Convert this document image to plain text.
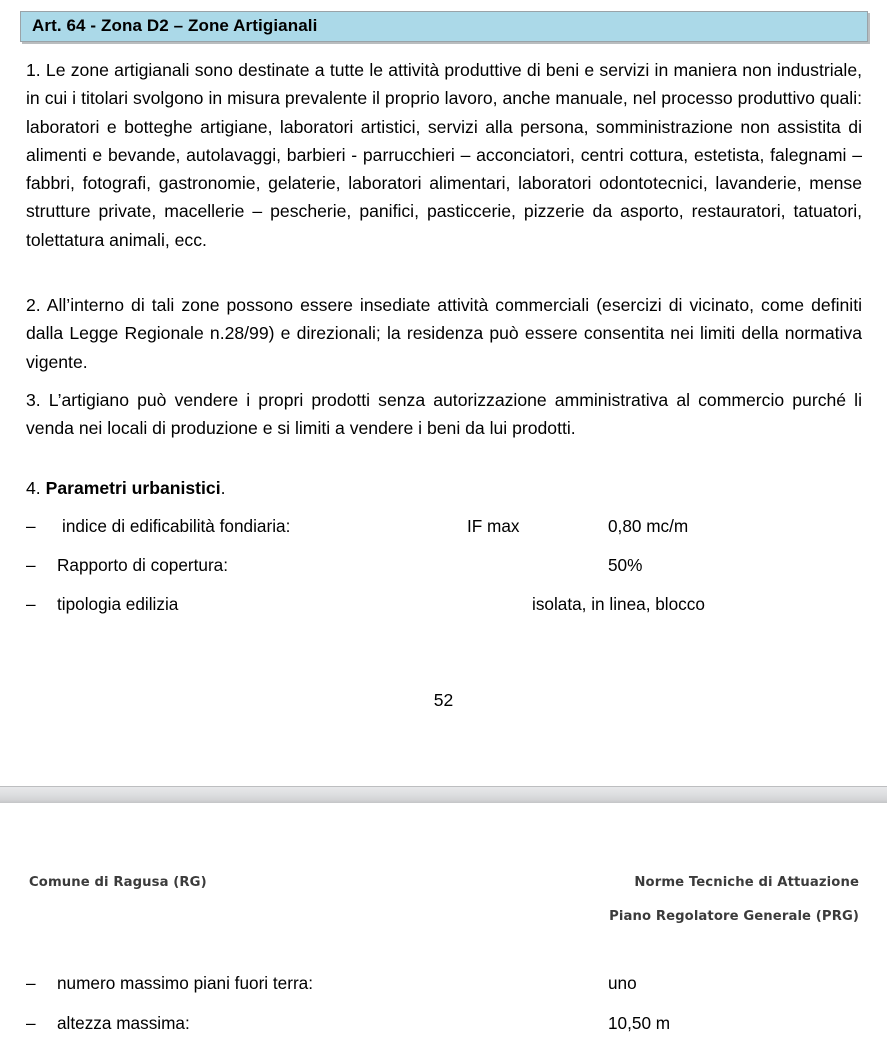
Art. 64 - Zona D2 – Zone Artigianali
1. Le zone artigianali sono destinate a tutte le attività produttive di beni e servizi in maniera non industriale, in cui i titolari svolgono in misura prevalente il proprio lavoro, anche manuale, nel processo produttivo quali: laboratori e botteghe artigiane, laboratori artistici, servizi alla persona, somministrazione non assistita di alimenti e bevande, autolavaggi, barbieri - parrucchieri – acconciatori, centri cottura, estetista, falegnami – fabbri, fotografi, gastronomie, gelaterie, laboratori alimentari, laboratori odontotecnici, lavanderie, mense strutture private, macellerie – pescherie, panifici, pasticcerie, pizzerie da asporto, restauratori, tatuatori, tolettatura animali, ecc.
2. All’interno di tali zone possono essere insediate attività commerciali (esercizi di vicinato, come definiti dalla Legge Regionale n.28/99) e direzionali; la residenza può essere consentita nei limiti della normativa vigente.
3. L’artigiano può vendere i propri prodotti senza autorizzazione amministrativa al commercio purché li venda nei locali di produzione e si limiti a vendere i beni da lui prodotti.
4. Parametri urbanistici.
–	indice di edificabilità fondiaria:	IF max	0,80 mc/m
–	Rapporto di copertura:	50%
–	tipologia edilizia	isolata, in linea, blocco
52
Comune di Ragusa (RG)	Norme Tecniche di Attuazione
Piano Regolatore Generale (PRG)
–	numero massimo piani fuori terra:	uno
–	altezza massima:	10,50 m
